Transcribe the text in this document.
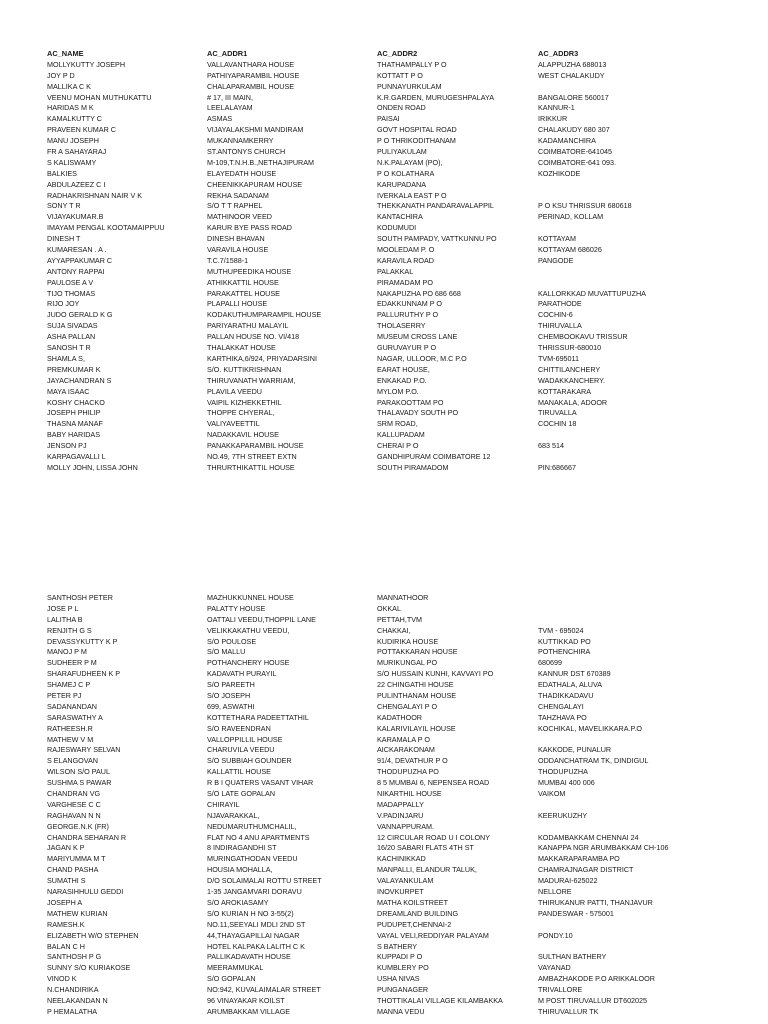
AC_NAME	AC_ADDR1	AC_ADDR2	AC_ADDR3
MOLLYKUTTY JOSEPH	VALLAVANTHARA HOUSE	THATHAMPALLY P O	ALAPPUZHA 688013
JOY P D	PATHIYAPARAMBIL HOUSE	KOTTATT P O	WEST CHALAKUDY
MALLIKA C K	CHALAPARAMBIL HOUSE	PUNNAYURKULAM
VEENU MOHAN MUTHUKATTU	# 17, III MAIN,	K.R.GARDEN, MURUGESHPALAYA	BANGALORE 560017
HARIDAS M K	LEELALAYAM	ONDEN ROAD	KANNUR-1
KAMALKUTTY C	ASMAS	PAISAI	IRIKKUR
PRAVEEN KUMAR C	VIJAYALAKSHMI MANDIRAM	GOVT HOSPITAL ROAD	CHALAKUDY 680 307
MANU JOSEPH	MUKANNAMKERRY	P O THRIKODITHANAM	KADAMANCHIRA
FR A SAHAYARAJ	ST.ANTONYS CHURCH	PULIYAKULAM	COIMBATORE-641045
S KALISWAMY	M-109,T.N.H.B.,NETHAJIPURAM	N.K.PALAYAM (PO),	COIMBATORE-641 093.
BALKIES	ELAYEDATH HOUSE	P O KOLATHARA	KOZHIKODE
ABDULAZEEZ C I	CHEENIKKAPURAM HOUSE	KARUPADANA
RADHAKRISHNAN NAIR V K	REKHA SADANAM	IVERKALA EAST P O
SONY T R	S/O T T RAPHEL	THEKKANATH PANDARAVALAPPIL	P O KSU THRISSUR 680618
VIJAYAKUMAR.B	MATHINOOR VEED	KANTACHIRA	PERINAD, KOLLAM
IMAYAM PENGAL KOOTAMAIPPUU	KARUR BYE PASS ROAD	KODUMUDI
DINESH T	DINESH BHAVAN	SOUTH PAMPADY, VATTKUNNU PO	KOTTAYAM
KUMARESAN . A .	VARAVILA HOUSE	MOOLEDAM P. O	KOTTAYAM 686026
AYYAPPAKUMAR C	T.C.7/1588-1	KARAVILA ROAD	PANGODE
ANTONY RAPPAI	MUTHUPEEDIKA HOUSE	PALAKKAL
PAULOSE A V	ATHIKKATTIL HOUSE	PIRAMADAM PO
TIJO THOMAS	PARAKATTEL HOUSE	NAKAPUZHA PO 686 668	KALLORKKAD MUVATTUPUZHA
RIJO JOY	PLAPALLI HOUSE	EDAKKUNNAM P O	PARATHODE
JUDO GERALD K G	KODAKUTHUMPARAMPIL HOUSE	PALLURUTHY P O	COCHIN-6
SUJA SIVADAS	PARIYARATHU MALAYIL	THOLASERRY	THIRUVALLA
ASHA PALLAN	PALLAN HOUSE NO. VI/418	MUSEUM CROSS LANE	CHEMBOOKAVU TRISSUR
SANOSH T R	THALAKKAT HOUSE	GURUVAYUR P O	THRISSUR-680010
SHAMLA S,	KARTHIKA,6/924, PRIYADARSINI	NAGAR, ULLOOR, M.C P.O	TVM-695011
PREMKUMAR K	S/O. KUTTIKRISHNAN	EARAT HOUSE,	CHITTILANCHERY
JAYACHANDRAN S	THIRUVANATH WARRIAM,	ENKAKAD P.O.	WADAKKANCHERY.
MAYA ISAAC	PLAVILA VEEDU	MYLOM P.O.	KOTTARAKARA
KOSHY CHACKO	VAIPIL KIZHEKKETHIL	PARAKOOTTAM PO	MANAKALA, ADOOR
JOSEPH PHILIP	THOPPE CHYERAL,	THALAVADY SOUTH PO	TIRUVALLA
THASNA MANAF	VALIYAVEETTIL	SRM ROAD,	COCHIN 18
BABY HARIDAS	NADAKKAVIL HOUSE	KALLUPADAM
JENSON PJ	PANAKKAPARAMBIL HOUSE	CHERAI P O	683 514
KARPAGAVALLI L	NO.49, 7TH STREET EXTN	GANDHIPURAM COIMBATORE 12
MOLLY JOHN, LISSA JOHN	THRURTHIKATTIL HOUSE	SOUTH PIRAMADOM	PIN:686667
SANTHOSH PETER	MAZHUKKUNNEL HOUSE	MANNATHOOR
JOSE P L	PALATTY HOUSE	OKKAL
LALITHA B	OATTALI VEEDU,THOPPIL LANE	PETTAH,TVM
RENJITH G S	VELIKKAKATHU VEEDU,	CHAKKAI,	TVM - 695024
DEVASSYKUTTY K P	S/O POULOSE	KUDIRIKA HOUSE	KUTTIKKAD PO
MANOJ P M	S/O MALLU	POTTAKKARAN HOUSE	POTHENCHIRA
SUDHEER P M	POTHANCHERY HOUSE	MURIKUNGAL PO	680699
SHARAFUDHEEN K P	KADAVATH PURAYIL	S/O HUSSAIN KUNHI, KAVVAYI PO	KANNUR DST 670389
SHAMEJ C P	S/O PAREETH	22 CHINGATHI HOUSE	EDATHALA, ALUVA
PETER PJ	S/O JOSEPH	PULINTHANAM HOUSE	THADIKKADAVU
SADANANDAN	699, ASWATHI	CHENGALAYI P O	CHENGALAYI
SARASWATHY A	KOTTETHARA PADEETTATHIL	KADATHOOR	TAHZHAVA PO
RATHEESH.R	S/O RAVEENDRAN	KALARIVILAYIL HOUSE	KOCHIKAL, MAVELIKKARA.P.O
MATHEW V M	VALLOPPILLIL HOUSE	KARAMALA P O
RAJESWARY SELVAN	CHARUVILA VEEDU	AICKARAKONAM	KAKKODE, PUNALUR
S ELANGOVAN	S/O SUBBIAH GOUNDER	91/4, DEVATHUR P O	ODDANCHATRAM TK, DINDIGUL
WILSON S/O PAUL	KALLATTIL HOUSE	THODUPUZHA PO	THODUPUZHA
SUSHMA S PAWAR	R B I QUATERS VASANT VIHAR	8 5 MUMBAI 6, NEPENSEA ROAD	MUMBAI 400 006
CHANDRAN VG	S/O LATE GOPALAN	NIKARTHIL HOUSE	VAIKOM
VARGHESE C C	CHIRAYIL	MADAPPALLY
RAGHAVAN N N	NJAVARAKKAL,	V.PADINJARU	KEERUKUZHY
GEORGE.N.K (FR)	NEDUMARUTHUMCHALIL,	VANNAPPURAM.
CHANDRA SEHARAN R	FLAT NO 4 ANU APARTMENTS	12 CIRCULAR ROAD U I COLONY	KODAMBAKKAM CHENNAI 24
JAGAN K P	8 INDIRAGANDHI ST	16/20 SABARI FLATS 4TH ST	KANAPPA NGR ARUMBAKKAM CH-106
MARIYUMMA M T	MURINGATHODAN VEEDU	KACHINIKKAD	MAKKARAPARAMBA PO
CHAND PASHA	HOUSIA MOHALLA,	MANPALLI, ELANDUR TALUK,	CHAMRAJNAGAR DISTRICT
SUMATHI S	D/O SOLAIMALAI ROTTU STREET	VALAYANKULAM	MADURAI-625022
NARASIHHULU GEDDI	1-35 JANGAMVARI DORAVU	INOVKURPET	NELLORE
JOSEPH A	S/O AROKIASAMY	MATHA KOILSTREET	THIRUKANUR PATTI, THANJAVUR
MATHEW KURIAN	S/O KURIAN H NO 3-55(2)	DREAMLAND BUILDING	PANDESWAR - 575001
RAMESH.K	NO.11,SEEYALI MDLI 2ND ST	PUDUPET,CHENNAI-2
ELIZABETH W/O STEPHEN	44,THAYAGAPILLAI NAGAR	VAYAL VELI,REDDIYAR PALAYAM	PONDY.10
BALAN C H	HOTEL KALPAKA LALITH C K	S BATHERY
SANTHOSH P G	PALLIKADAVATH HOUSE	KUPPADI P O	SULTHAN BATHERY
SUNNY S/O KURIAKOSE	MEERAMMUKAL	KUMBLERY PO	VAYANAD
VINOD K	S/O GOPALAN	USHA NIVAS	AMBAZHAKODE P.O ARIKKALOOR
N.CHANDIRIKA	NO:942, KUVALAIMALAR STREET	PUNGANAGER	TRIVALLORE
NEELAKANDAN N	96 VINAYAKAR KOILST	THOTTIKALAI VILLAGE KILAMBAKKA	M POST TIRUVALLUR DT602025
P HEMALATHA	ARUMBAKKAM VILLAGE	MANNA VEDU	THIRUVALLUR TK
